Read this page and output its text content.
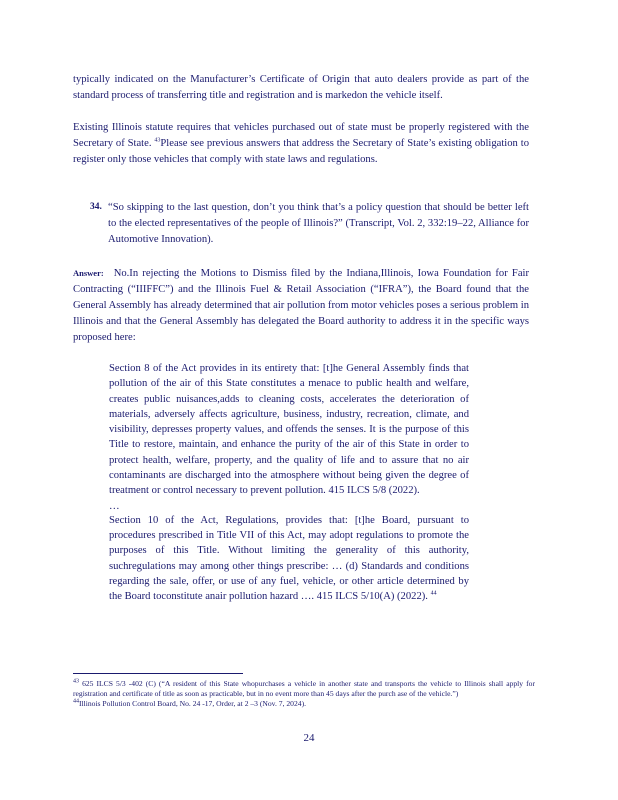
typically indicated on the Manufacturer’s Certificate of Origin that auto dealers provide as part of the standard process of transferring title and registration and is markedon the vehicle itself.

Existing Illinois statute requires that vehicles purchased out of state must be properly registered with the Secretary of State. $^{43}$Please see previous answers that address the Secretary of State’s existing obligation to register only those vehicles that comply with state laws and regulations.

34. “So skipping to the last question, don’t you think that’s a policy question that should be better left to the elected representatives of the people of Illinois?” (Transcript, Vol. 2, 332:19–22, Alliance for Automotive Innovation).

Answer: No.In rejecting the Motions to Dismiss filed by the Indiana,Illinois, Iowa Foundation for Fair Contracting (“IIIFFC”) and the Illinois Fuel & Retail Association (“IFRA”), the Board found that the General Assembly has already determined that air pollution from motor vehicles poses a serious problem in Illinois and that the General Assembly has delegated the Board authority to address it in the specific ways proposed here:

Section 8 of the Act provides in its entirety that: [t]he General Assembly finds that pollution of the air of this State constitutes a menace to public health and welfare, creates public nuisances,adds to cleaning costs, accelerates the deterioration of materials, adversely affects agriculture, business, industry, recreation, climate, and visibility, depresses property values, and offends the senses. It is the purpose of this Title to restore, maintain, and enhance the purity of the air of this State in order to protect health, welfare, property, and the quality of life and to assure that no air contaminants are discharged into the atmosphere without being given the degree of treatment or control necessary to prevent pollution. 415 ILCS 5/8 (2022).

…

Section 10 of the Act, Regulations, provides that: [t]he Board, pursuant to procedures prescribed in Title VII of this Act, may adopt regulations to promote the purposes of this Title. Without limiting the generality of this authority, suchregulations may among other things prescribe: … (d) Standards and conditions regarding the sale, offer, or use of any fuel, vehicle, or other article determined by the Board toconstitute anair pollution hazard …. 415 ILCS 5/10(A) (2022). $^{44}$

$^{43}$ 625 ILCS 5/3 -402 (C) (“A resident of this State whopurchases a vehicle in another state and transports the vehicle to Illinois shall apply for registration and certificate of title as soon as practicable, but in no event more than 45 days after the purch ase of the vehicle.”)

$^{44}$Illinois Pollution Control Board, No. 24 -17, Order, at 2 –3 (Nov. 7, 2024).

24
